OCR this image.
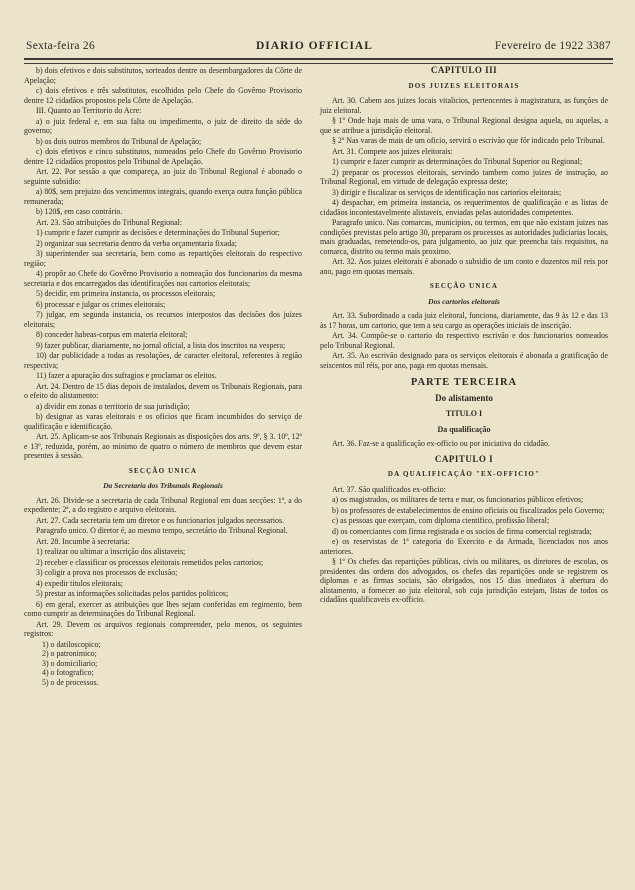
Sexta-feira 26	DIARIO OFFICIAL	Fevereiro de 1922 3387

b) dois efetivos e dois substitutos, sorteados dentre os desembargadores da Côrte de Apelação;

c) dois efetivos e três substitutos, escolhidos pelo Chefe do Govêrno Provisorio dentre 12 cidadãos propostos pela Côrte de Apelação.

III. Quanto ao Territorio do Acre:

a) o juiz federal e, em sua falta ou impedimento, o juiz de direito da séde do governo;

b) os dois outros membros do Tribunal de Apelação;

c) dois efetivos e cinco substitutos, nomeados pelo Chefe do Govêrno Provisorio dentre 12 cidadãos propostos pelo Tribunal de Apelação.

Art. 22. Por sessão a que compareça, ao juiz do Tribunal Regional é abonado o seguinte subsidio:

a) 80$, sem prejuizo dos vencimentos integrais, quando exerça outra função pública remunerada;

b) 120$, em caso contrário.

Art. 23. São atribuições do Tribunal Regional:

1) cumprir e fazer cumprir as decisões e determinações do Tribunal Superior;

2) organizar sua secretaria dentro da verba orçamentaria fixada;

3) superintender sua secretaria, bem como as repartições eleitorais do respectivo região;

4) propôr ao Chefe do Govêrno Provisorio a nomeação dos funcionarios da mesma secretaria e dos encarregados das identificações nos cartorios eleitorais;

5) decidir, em primeira instancia, os processos eleitorais;

6) processar e julgar os crimes eleitorais;

7) julgar, em segunda instancia, os recursos interpostos das decisões dos juizes eleitorais;

8) conceder habeas-corpus em materia eleitoral;

9) fazer publicar, diariamente, no jornal oficial, a lista dos inscritos na vespera;

10) dar publicidade a todas as resoluções, de caracter eleitoral, referentes à região respectiva;

11) fazer a apuração dos sufragios e proclamar os eleitos.

Art. 24. Dentro de 15 dias depois de instalados, devem os Tribunais Regionais, para o efeito do alistamento:

a) dividir em zonas o territorio de sua jurisdição;

b) designar as varas eleitorais e os oficios que ficam incumbidos do serviço de qualificação e identificação.

Art. 25. Aplicam-se aos Tribunais Regionais as disposições dos arts. 9º, § 3. 10º, 12º e 13º, reduzida, porém, ao minimo de quatro o número de membros que devem estar presentes à sessão.

SECÇÃO UNICA

Da Secretaria dos Tribunais Regionais

Art. 26. Divide-se a secretaria de cada Tribunal Regional em duas secções: 1ª, a do expediente; 2ª, a do registro e arquivo eleitorais.

Art. 27. Cada secretaria tem um diretor e os funcionarios julgados necessarios.

Paragrafo unico. O diretor é, ao mesmo tempo, secretário do Tribunal Regional.

Art. 28. Incumbe à secretaria:

1) realizar ou ultimar a inscrição dos alistaveis;

2) receber e classificar os processos eleitorais remetidos pelos cartorios;

3) coligir a prova nos processos de exclusão;

4) expedir titulos eleitorais;

5) prestar as informações solicitadas pelos partidos politicos;

6) em geral, exercer as atribuições que lhes sejam conferidas em regimento, bem como cumprir as determinações do Tribunal Regional.

Art. 29. Devem os arquivos regionais compreender, pelo menos, os seguintes registros:

1) o datiloscopico;

2) o patronimico;

3) o domiciliario;

4) o fotografico;

5) o de processos.

CAPITULO III

DOS JUIZES ELEITORAIS

Art. 30. Cabem aos juizes locais vitalicios, pertencentes à magistratura, as funções de juiz eleitoral.

§ 1º Onde haja mais de uma vara, o Tribunal Regional designa aquela, ou aquelas, a que se atribue a jurisdição eleitoral.

§ 2º Nas varas de mais de um oficio, servirá o escrivão que fôr indicado pelo Tribunal.

Art. 31. Compete aos juizes eleitorais:

1) cumprir e fazer cumprir as determinações do Tribunal Superior ou Regional;

2) preparar os processos eleitorais, servindo tambem como juizes de instrução, ao Tribunal Regional, em virtude de delegação expressa deste;

3) dirigir e fiscalizar os serviços de identificação nos cartorios eleitorais;

4) despachar, em primeira instancia, os requerimentos de qualificação e as listas de cidadãos incontestavelmente alistaveis, enviadas pelas autoridades competentes.

Paragrafo unico. Nas comarcas, municipios, ou termos, em que não existam juizes nas condições previstas pelo artigo 30, prepararn os processos as autoridades judiciarias locais, mais graduadas, remetendo-os, para julgamento, ao juiz que preencha tais requisitos, na comarca, distrito ou termo mais proximo.

Art. 32. Aos juizes eleitorais é abonado o subsidio de um conto e duzentos mil reis por ano, pago em quotas mensais.

SECÇÃO UNICA

Dos cartorios eleitorais

Art. 33. Subordinado a cada juiz eleitoral, funciona, diariamente, das 9 às 12 e das 13 às 17 horas, um cartorio, que tem a seu cargo as operações iniciais de inscrição.

Art. 34. Compõe-se o cartorio do respectivo escrivão e dos funcionarios nomeados pelo Tribunal Regional.

Art. 35. Ao escrivão designado para os serviços eleitorais é abonada a gratificação de seiscentos mil réis, por ano, paga em quotas mensais.

PARTE TERCEIRA

Do alistamento

TITULO I

Da qualificação

Art. 36. Faz-se a qualificação ex-officio ou por iniciativa do cidadão.

CAPITULO I

DA QUALIFICAÇÃO "EX-OFFICIO"

Art. 37. São qualificados ex-officio:

a) os magistrados, os militares de terra e mar, os funcionarios públicos efetivos;

b) os professores de estabelecimentos de ensino oficiais ou fiscalizados pelo Governo;

c) as pessoas que exerçam, com diploma cientifico, profissão liberal;

d) os comerciantes com firma registrada e os socios de firma comercial registrada;

e) os reservistas de 1ª categoria do Exercito e da Armada, licenciados nos anos anteriores.

§ 1º Os chefes das repartições públicas, civis ou militares, os diretores de escolas, os presidentes das ordens dos advogados, os chefes das repartições onde se registrem os diplomas e as firmas sociais, são obrigados, nos 15 dias imediatos à abertura do alistamento, a fornecer ao juiz eleitoral, sob cuja jurisdição estejam, listas de todos os cidadãos qualificaveis ex-officio.
